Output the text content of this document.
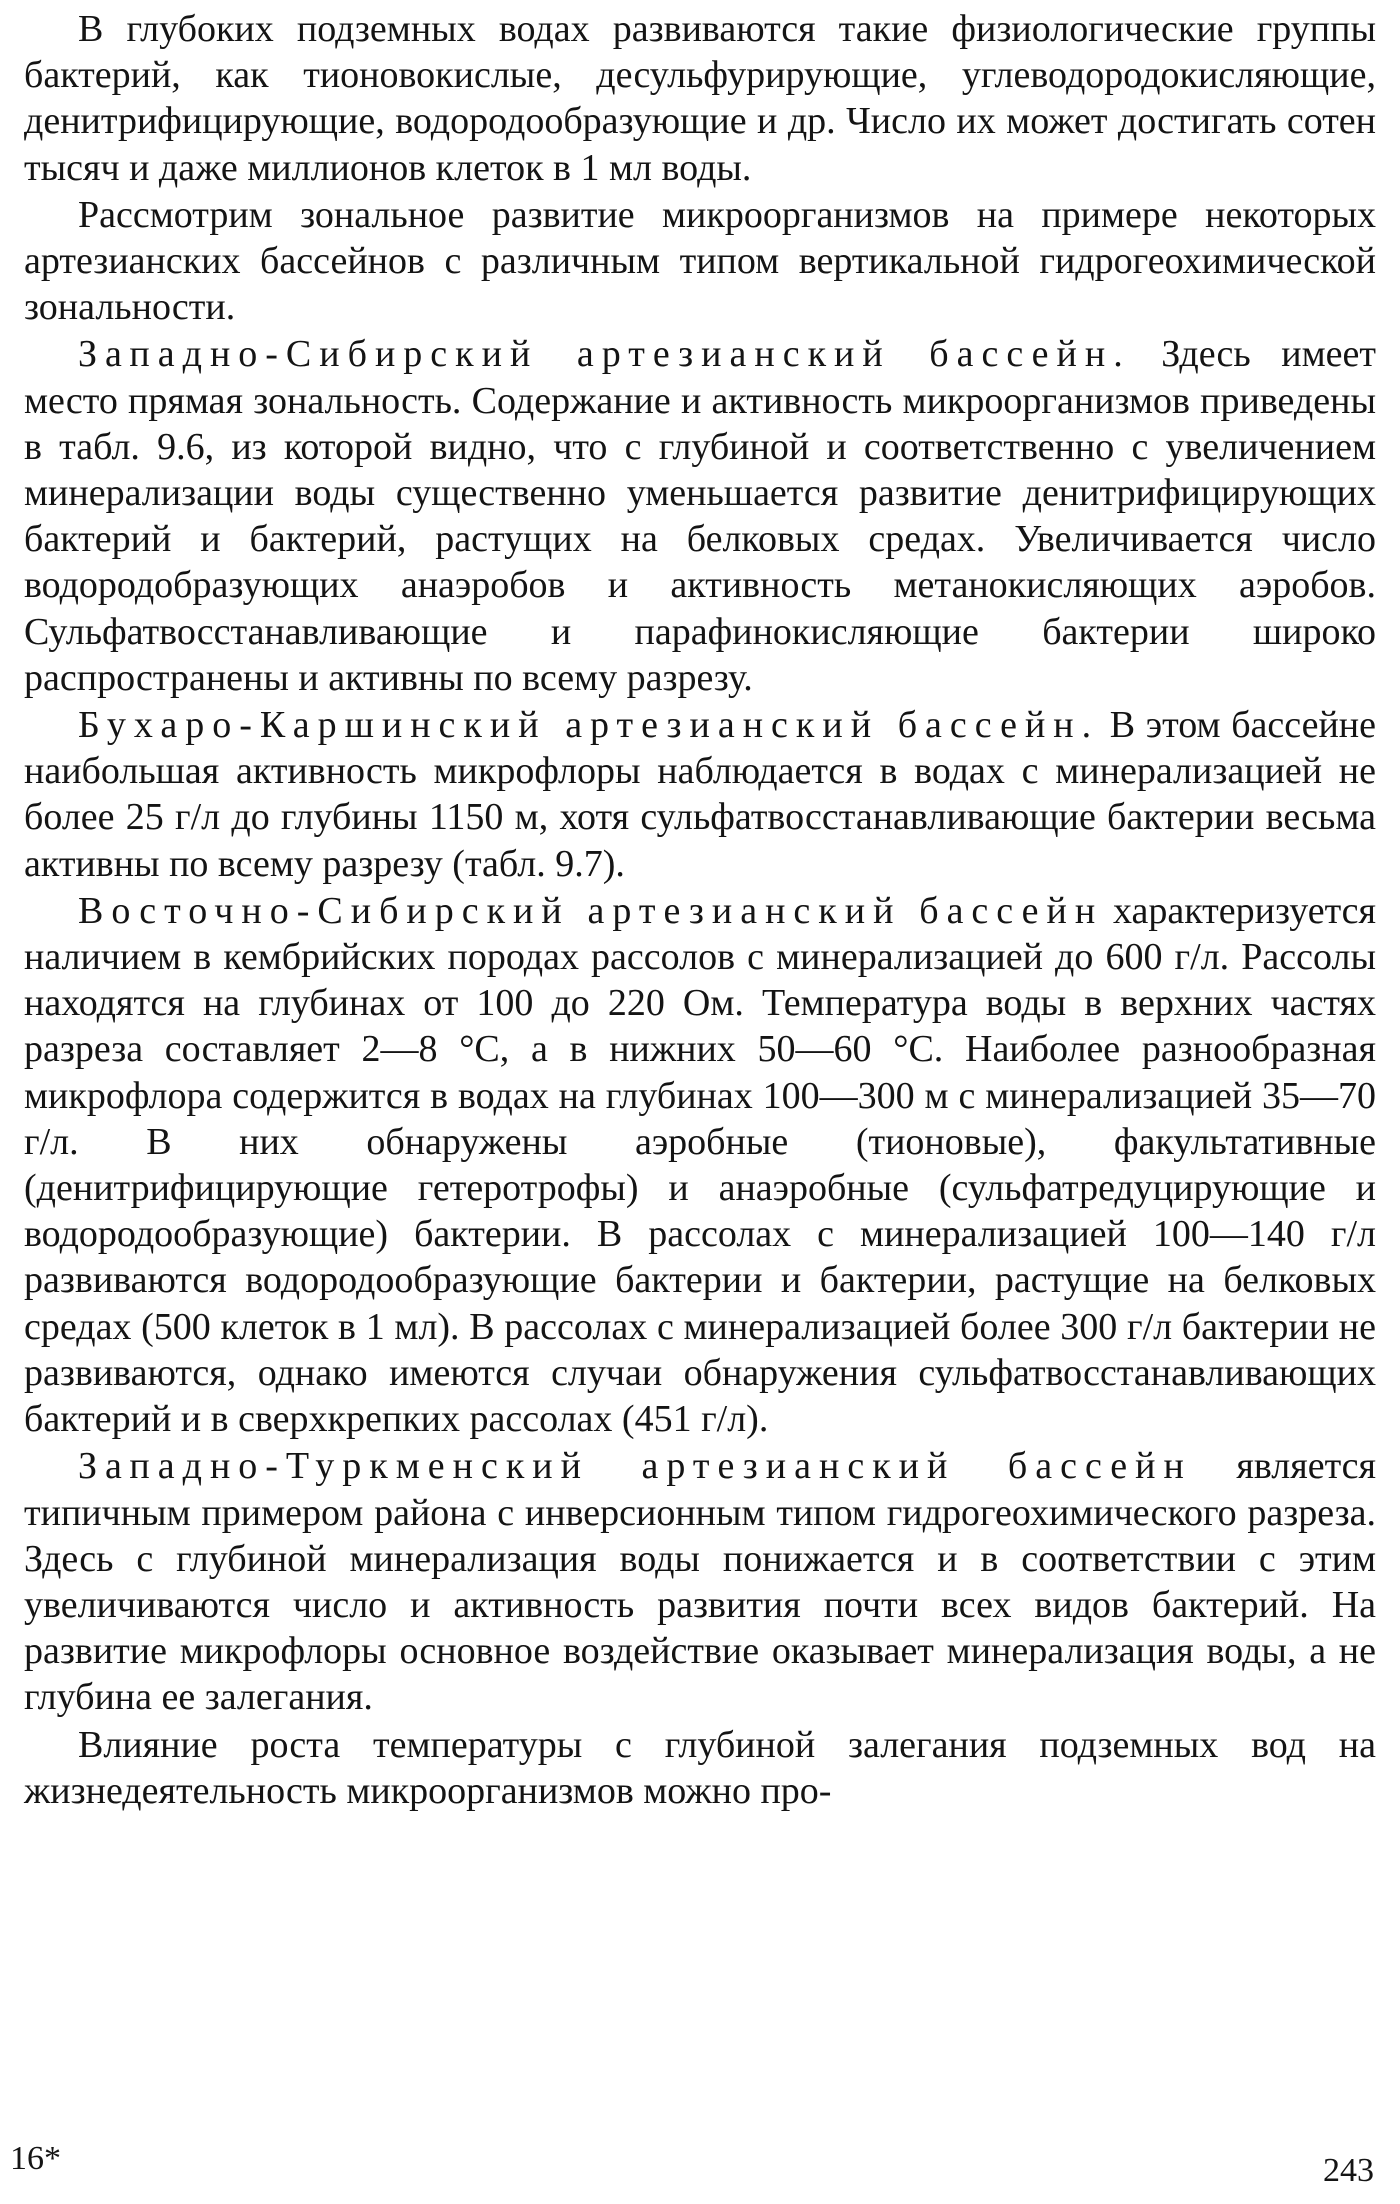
В глубоких подземных водах развиваются такие физиологические группы бактерий, как тионовокислые, десульфурирующие, углеводородокисляющие, денитрифицирующие, водородообразующие и др. Число их может достигать сотен тысяч и даже миллионов клеток в 1 мл воды.

Рассмотрим зональное развитие микроорганизмов на примере некоторых артезианских бассейнов с различным типом вертикальной гидрогеохимической зональности.

Западно-Сибирский артезианский бассейн. Здесь имеет место прямая зональность. Содержание и активность микроорганизмов приведены в табл. 9.6, из которой видно, что с глубиной и соответственно с увеличением минерализации воды существенно уменьшается развитие денитрифицирующих бактерий и бактерий, растущих на белковых средах. Увеличивается число водородобразующих анаэробов и активность метанокисляющих аэробов. Сульфатвосстанавливающие и парафинокисляющие бактерии широко распространены и активны по всему разрезу.

Бухаро-Каршинский артезианский бассейн. В этом бассейне наибольшая активность микрофлоры наблюдается в водах с минерализацией не более 25 г/л до глубины 1150 м, хотя сульфатвосстанавливающие бактерии весьма активны по всему разрезу (табл. 9.7).

Восточно-Сибирский артезианский бассейн характеризуется наличием в кембрийских породах рассолов с минерализацией до 600 г/л. Рассолы находятся на глубинах от 100 до 220 Ом. Температура воды в верхних частях разреза составляет 2—8 °С, а в нижних 50—60 °С. Наиболее разнообразная микрофлора содержится в водах на глубинах 100—300 м с минерализацией 35—70 г/л. В них обнаружены аэробные (тионовые), факультативные (денитрифицирующие гетеротрофы) и анаэробные (сульфатредуцирующие и водородообразующие) бактерии. В рассолах с минерализацией 100—140 г/л развиваются водородообразующие бактерии и бактерии, растущие на белковых средах (500 клеток в 1 мл). В рассолах с минерализацией более 300 г/л бактерии не развиваются, однако имеются случаи обнаружения сульфатвосстанавливающих бактерий и в сверхкрепких рассолах (451 г/л).

Западно-Туркменский артезианский бассейн является типичным примером района с инверсионным типом гидрогеохимического разреза. Здесь с глубиной минерализация воды понижается и в соответствии с этим увеличиваются число и активность развития почти всех видов бактерий. На развитие микрофлоры основное воздействие оказывает минерализация воды, а не глубина ее залегания.

Влияние роста температуры с глубиной залегания подземных вод на жизнедеятельность микроорганизмов можно про-

16*	243
